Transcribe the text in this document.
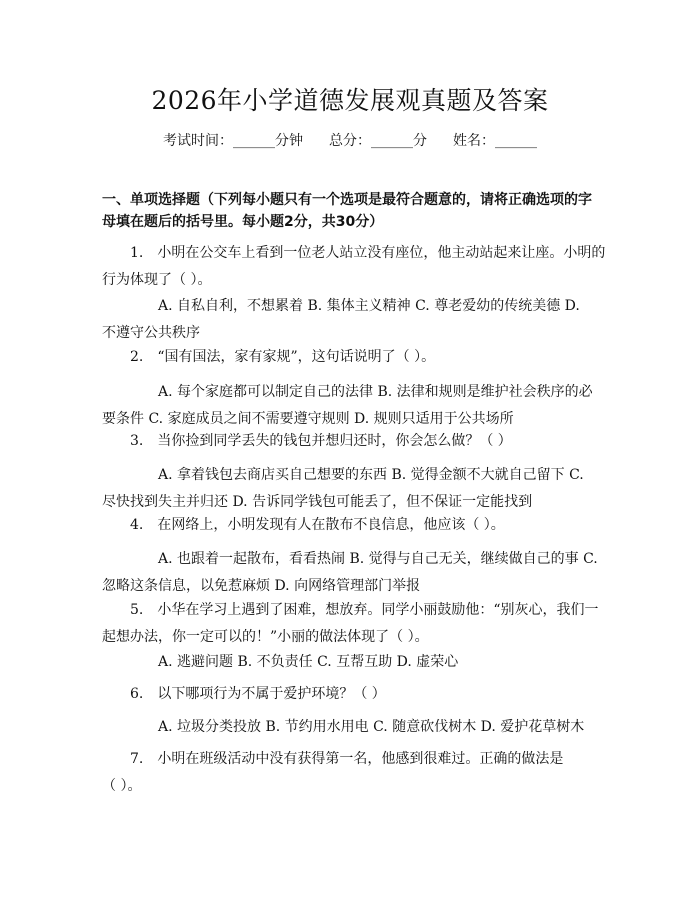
2026年小学道德发展观真题及答案
考试时间：______分钟 总分：______分 姓名：______
一、单项选择题（下列每小题只有一个选项是最符合题意的，请将正确选项的字
母填在题后的括号里。每小题2分，共30分）
1.　小明在公交车上看到一位老人站立没有座位，他主动站起来让座。小明的
行为体现了（ ）。
A. 自私自利，不想累着 B. 集体主义精神 C. 尊老爱幼的传统美德 D.
不遵守公共秩序
2.　“国有国法，家有家规”，这句话说明了（ ）。
A. 每个家庭都可以制定自己的法律 B. 法律和规则是维护社会秩序的必
要条件 C. 家庭成员之间不需要遵守规则 D. 规则只适用于公共场所
3.　当你捡到同学丢失的钱包并想归还时，你会怎么做？（ ）
A. 拿着钱包去商店买自己想要的东西 B. 觉得金额不大就自己留下 C.
尽快找到失主并归还 D. 告诉同学钱包可能丢了，但不保证一定能找到
4.　在网络上，小明发现有人在散布不良信息，他应该（ ）。
A. 也跟着一起散布，看看热闹 B. 觉得与自己无关，继续做自己的事 C.
忽略这条信息，以免惹麻烦 D. 向网络管理部门举报
5.　小华在学习上遇到了困难，想放弃。同学小丽鼓励他：“别灰心，我们一
起想办法，你一定可以的！”小丽的做法体现了（ ）。
A. 逃避问题 B. 不负责任 C. 互帮互助 D. 虚荣心
6.　以下哪项行为不属于爱护环境？（ ）
A. 垃圾分类投放 B. 节约用水用电 C. 随意砍伐树木 D. 爱护花草树木
7.　小明在班级活动中没有获得第一名，他感到很难过。正确的做法是
（ ）。
